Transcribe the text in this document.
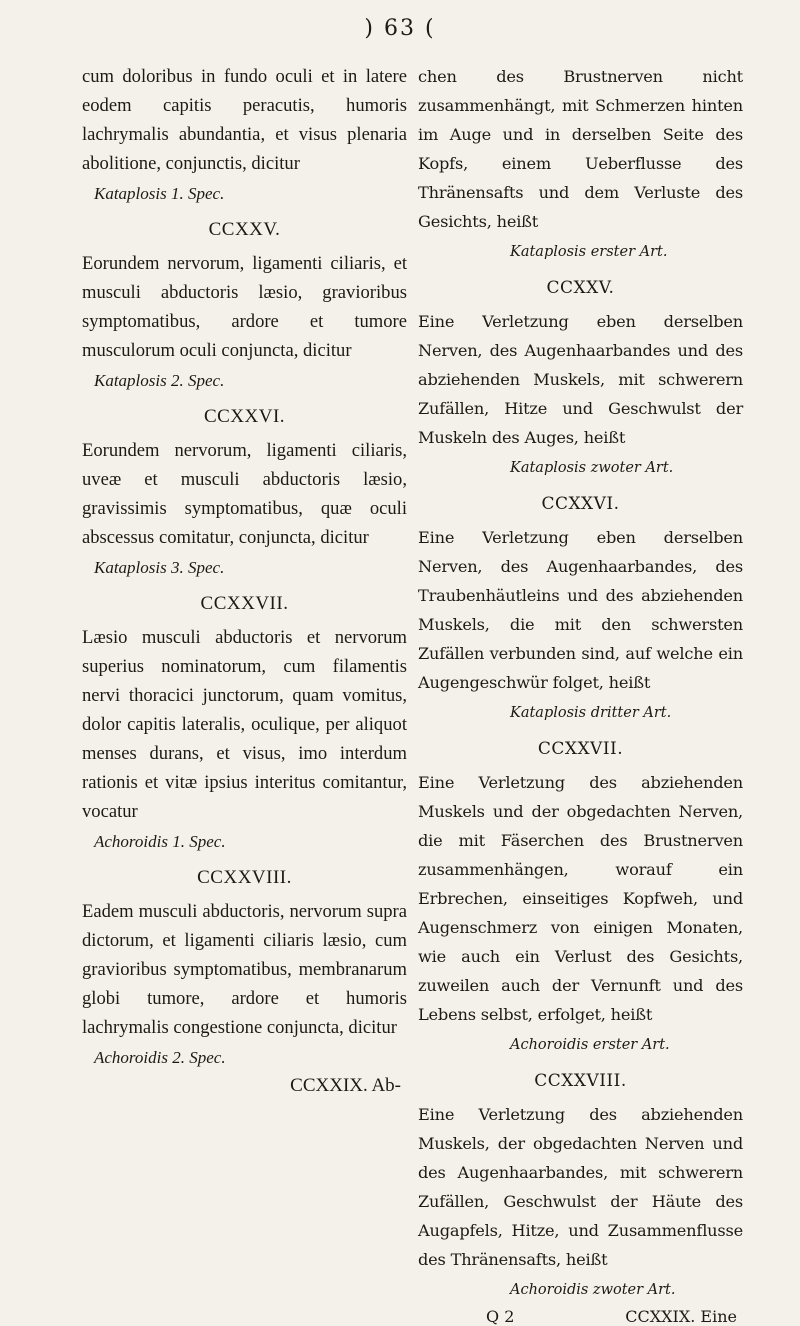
) 63 (

cum doloribus in fundo oculi et in latere eodem capitis peracutis, humoris lachrymalis abundantia, et visus plenaria abolitione, conjunctis, dicitur

Kataplosis 1. Spec.
CCXXV.

Eorundem nervorum, ligamenti ciliaris, et musculi abductoris læsio, gravioribus symptomatibus, ardore et tumore musculorum oculi conjuncta, dicitur

Kataplosis 2. Spec.
CCXXVI.

Eorundem nervorum, ligamenti ciliaris, uveæ et musculi abductoris læsio, gravissimis symptomatibus, quæ oculi abscessus comitatur, conjuncta, dicitur

Kataplosis 3. Spec.
CCXXVII.

Læsio musculi abductoris et nervorum superius nominatorum, cum filamentis nervi thoracici junctorum, quam vomitus, dolor capitis lateralis, oculique, per aliquot menses durans, et visus, imo interdum rationis et vitæ ipsius interitus comitantur, vocatur

Achoroidis 1. Spec.
CCXXVIII.

Eadem musculi abductoris, nervorum supra dictorum, et ligamenti ciliaris læsio, cum gravioribus symptomatibus, membranarum globi tumore, ardore et humoris lachrymalis congestione conjuncta, dicitur

Achoroidis 2. Spec.
CCXXIX. Ab-

chen des Brustnerven nicht zusammenhängt, mit Schmerzen hinten im Auge und in derselben Seite des Kopfs, einem Ueberflusse des Thränensafts und dem Verluste des Gesichts, heißt

Kataplosis erster Art.
CCXXV.

Eine Verletzung eben derselben Nerven, des Augenhaarbandes und des abziehenden Muskels, mit schwerern Zufällen, Hitze und Geschwulst der Muskeln des Auges, heißt

Kataplosis zwoter Art.
CCXXVI.

Eine Verletzung eben derselben Nerven, des Augenhaarbandes, des Traubenhäutleins und des abziehenden Muskels, die mit den schwersten Zufällen verbunden sind, auf welche ein Augengeschwür folget, heißt

Kataplosis dritter Art.
CCXXVII.

Eine Verletzung des abziehenden Muskels und der obgedachten Nerven, die mit Fäserchen des Brustnerven zusammenhängen, worauf ein Erbrechen, einseitiges Kopfweh, und Augenschmerz von einigen Monaten, wie auch ein Verlust des Gesichts, zuweilen auch der Vernunft und des Lebens selbst, erfolget, heißt

Achoroidis erster Art.
CCXXVIII.

Eine Verletzung des abziehenden Muskels, der obgedachten Nerven und des Augenhaarbandes, mit schwerern Zufällen, Geschwulst der Häute des Augapfels, Hitze, und Zusammenflusse des Thränensafts, heißt

Achoroidis zwoter Art.
Q 2	CCXXIX. Eine
